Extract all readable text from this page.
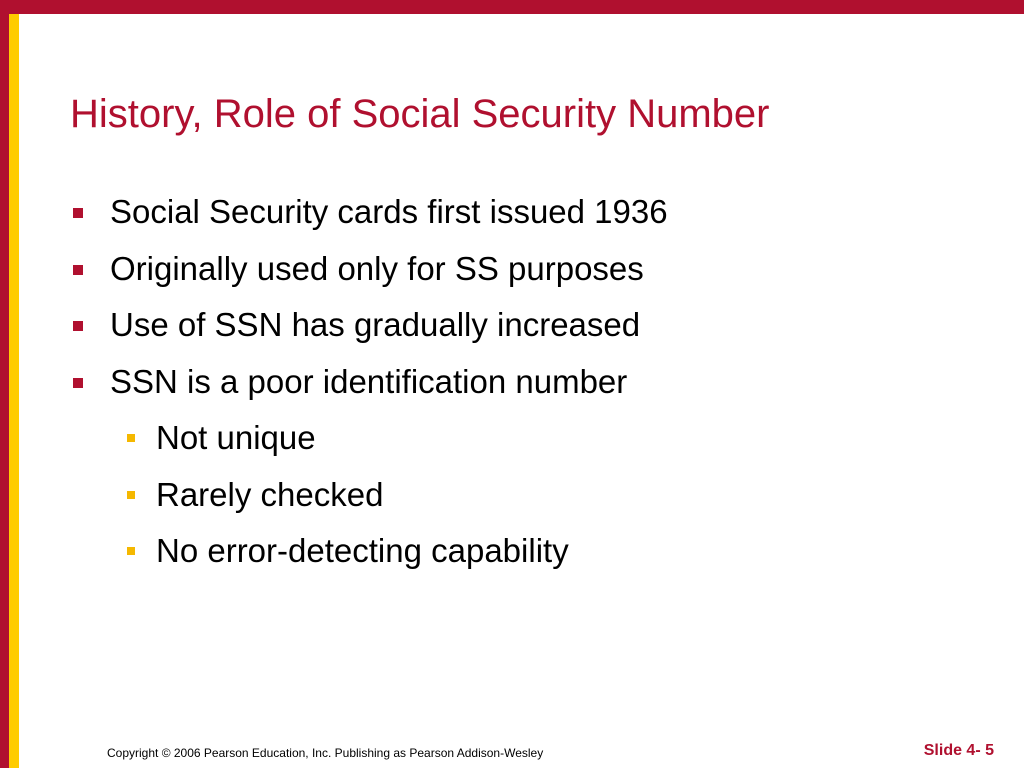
History, Role of Social Security Number
Social Security cards first issued 1936
Originally used only for SS purposes
Use of SSN has gradually increased
SSN is a poor identification number
Not unique
Rarely checked
No error-detecting capability
Copyright © 2006 Pearson Education, Inc. Publishing as Pearson Addison-Wesley	Slide 4- 5
